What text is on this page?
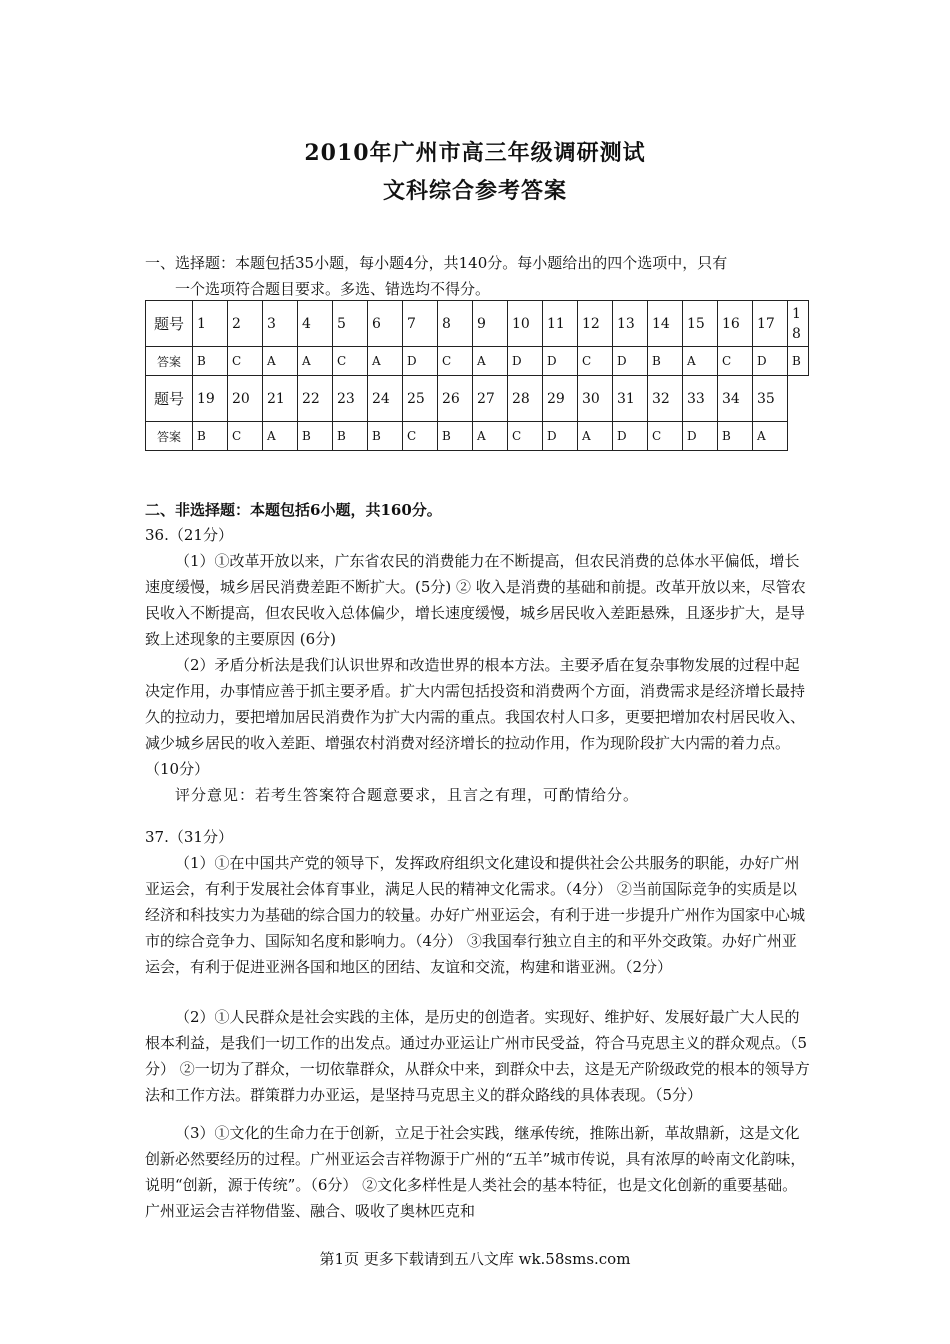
2010年广州市高三年级调研测试
文科综合参考答案
一、选择题：本题包括35小题，每小题4分，共140分。每小题给出的四个选项中，只有
一个选项符合题目要求。多选、错选均不得分。
题号	1	2	3	4	5	6	7	8	9	10	11	12	13	14	15	16	17	18
答案	B	C	A	A	C	A	D	C	A	D	D	C	D	B	A	C	D	B
题号	19	20	21	22	23	24	25	26	27	28	29	30	31	32	33	34	35	
答案	B	C	A	B	B	B	C	B	A	C	D	A	D	C	D	B	A	
二、非选择题：本题包括6小题，共160分。
36.（21分）
（1）①改革开放以来，广东省农民的消费能力在不断提高，但农民消费的总体水平偏低，增长速度缓慢，城乡居民消费差距不断扩大。(5分) ② 收入是消费的基础和前提。改革开放以来，尽管农民收入不断提高，但农民收入总体偏少，增长速度缓慢，城乡居民收入差距悬殊，且逐步扩大，是导致上述现象的主要原因 (6分)
（2）矛盾分析法是我们认识世界和改造世界的根本方法。主要矛盾在复杂事物发展的过程中起决定作用，办事情应善于抓主要矛盾。扩大内需包括投资和消费两个方面，消费需求是经济增长最持久的拉动力，要把增加居民消费作为扩大内需的重点。我国农村人口多，更要把增加农村居民收入、减少城乡居民的收入差距、增强农村消费对经济增长的拉动作用，作为现阶段扩大内需的着力点。（10分）
评分意见：若考生答案符合题意要求，且言之有理，可酌情给分。
37.（31分）
（1）①在中国共产党的领导下，发挥政府组织文化建设和提供社会公共服务的职能，办好广州亚运会，有利于发展社会体育事业，满足人民的精神文化需求。（4分） ②当前国际竞争的实质是以经济和科技实力为基础的综合国力的较量。办好广州亚运会，有利于进一步提升广州作为国家中心城市的综合竞争力、国际知名度和影响力。（4分） ③我国奉行独立自主的和平外交政策。办好广州亚运会，有利于促进亚洲各国和地区的团结、友谊和交流，构建和谐亚洲。（2分）
（2）①人民群众是社会实践的主体，是历史的创造者。实现好、维护好、发展好最广大人民的根本利益，是我们一切工作的出发点。通过办亚运让广州市民受益，符合马克思主义的群众观点。（5分） ②一切为了群众，一切依靠群众，从群众中来，到群众中去，这是无产阶级政党的根本的领导方法和工作方法。群策群力办亚运，是坚持马克思主义的群众路线的具体表现。（5分）
（3）①文化的生命力在于创新，立足于社会实践，继承传统，推陈出新，革故鼎新，这是文化创新必然要经历的过程。广州亚运会吉祥物源于广州的“五羊”城市传说，具有浓厚的岭南文化韵味，说明“创新，源于传统”。（6分） ②文化多样性是人类社会的基本特征，也是文化创新的重要基础。广州亚运会吉祥物借鉴、融合、吸收了奥林匹克和
第1页 更多下载请到五八文库 wk.58sms.com
